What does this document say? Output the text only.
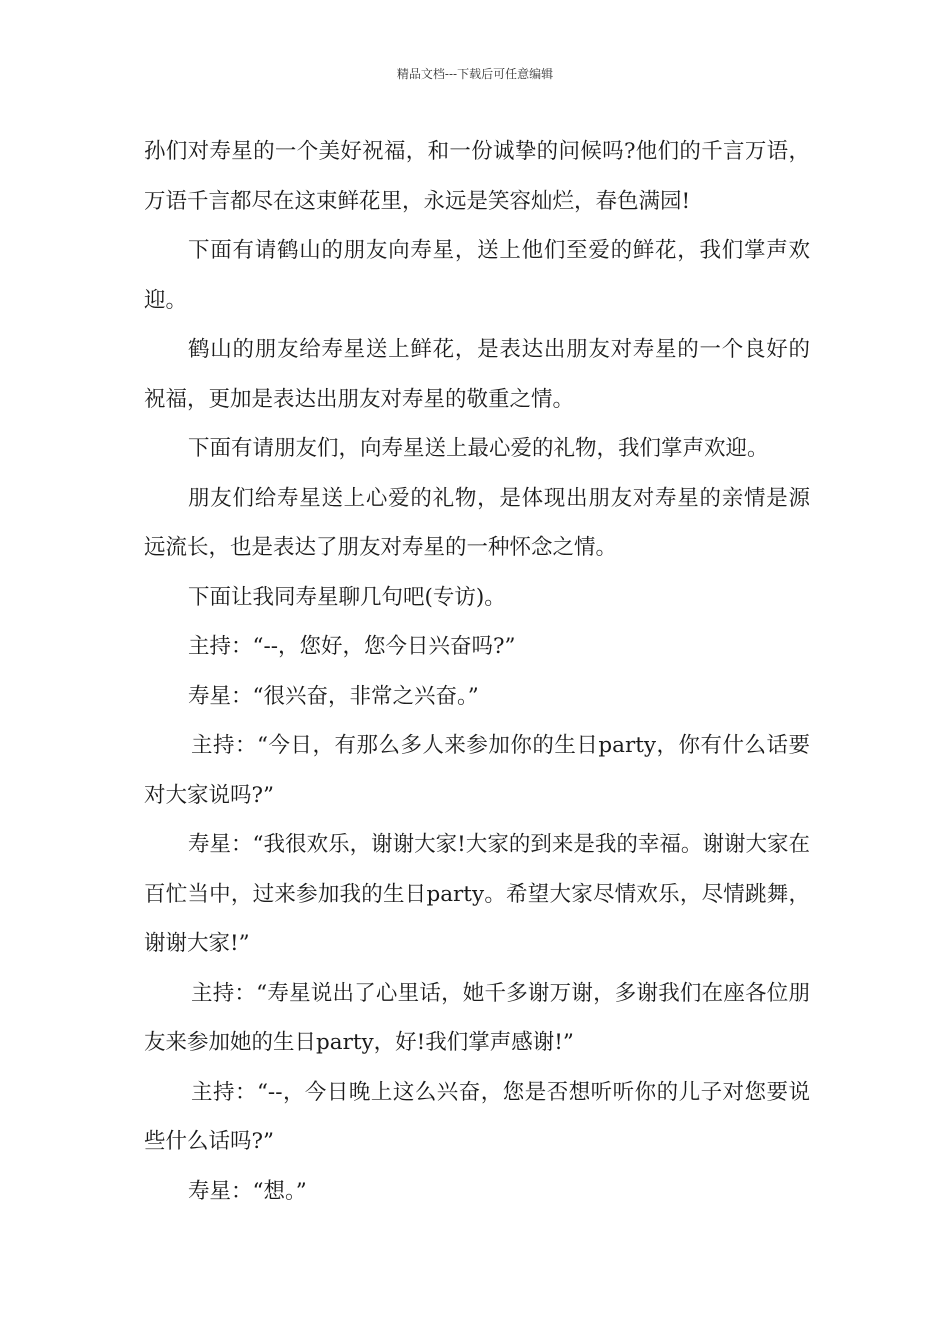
精品文档---下载后可任意编辑

孙们对寿星的一个美好祝福，和一份诚挚的问候吗?他们的千言万语，万语千言都尽在这束鲜花里，永远是笑容灿烂，春色满园!

下面有请鹤山的朋友向寿星，送上他们至爱的鲜花，我们掌声欢迎。

鹤山的朋友给寿星送上鲜花，是表达出朋友对寿星的一个良好的祝福，更加是表达出朋友对寿星的敬重之情。

下面有请朋友们，向寿星送上最心爱的礼物，我们掌声欢迎。

朋友们给寿星送上心爱的礼物，是体现出朋友对寿星的亲情是源远流长，也是表达了朋友对寿星的一种怀念之情。

下面让我同寿星聊几句吧(专访)。

主持：“--，您好，您今日兴奋吗?”

寿星：“很兴奋，非常之兴奋。”

主持：“今日，有那么多人来参加你的生日party，你有什么话要对大家说吗?”

寿星：“我很欢乐，谢谢大家!大家的到来是我的幸福。谢谢大家在百忙当中，过来参加我的生日party。希望大家尽情欢乐，尽情跳舞，谢谢大家!”

主持：“寿星说出了心里话，她千多谢万谢，多谢我们在座各位朋友来参加她的生日party，好!我们掌声感谢!”

主持：“--，今日晚上这么兴奋，您是否想听听你的儿子对您要说些什么话吗?”

寿星：“想。”
